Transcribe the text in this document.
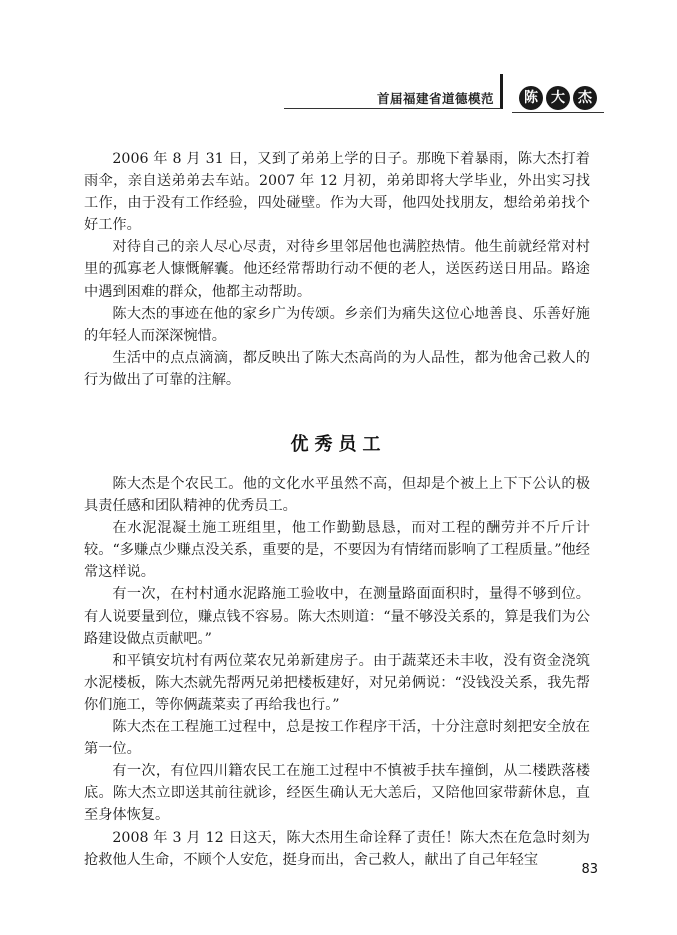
首届福建省道德模范	陈 大 杰

2006 年 8 月 31 日，又到了弟弟上学的日子。那晚下着暴雨，陈大杰打着雨伞，亲自送弟弟去车站。2007 年 12 月初，弟弟即将大学毕业，外出实习找工作，由于没有工作经验，四处碰壁。作为大哥，他四处找朋友，想给弟弟找个好工作。

对待自己的亲人尽心尽责，对待乡里邻居他也满腔热情。他生前就经常对村里的孤寡老人慷慨解囊。他还经常帮助行动不便的老人，送医药送日用品。路途中遇到困难的群众，他都主动帮助。

陈大杰的事迹在他的家乡广为传颂。乡亲们为痛失这位心地善良、乐善好施的年轻人而深深惋惜。

生活中的点点滴滴，都反映出了陈大杰高尚的为人品性，都为他舍己救人的行为做出了可靠的注解。

优秀员工

陈大杰是个农民工。他的文化水平虽然不高，但却是个被上上下下公认的极具责任感和团队精神的优秀员工。

在水泥混凝土施工班组里，他工作勤勤恳恳，而对工程的酬劳并不斤斤计较。“多赚点少赚点没关系，重要的是，不要因为有情绪而影响了工程质量。”他经常这样说。

有一次，在村村通水泥路施工验收中，在测量路面面积时，量得不够到位。有人说要量到位，赚点钱不容易。陈大杰则道：“量不够没关系的，算是我们为公路建设做点贡献吧。”

和平镇安坑村有两位菜农兄弟新建房子。由于蔬菜还未丰收，没有资金浇筑水泥楼板，陈大杰就先帮两兄弟把楼板建好，对兄弟俩说：“没钱没关系，我先帮你们施工，等你俩蔬菜卖了再给我也行。”

陈大杰在工程施工过程中，总是按工作程序干活，十分注意时刻把安全放在第一位。

有一次，有位四川籍农民工在施工过程中不慎被手扶车撞倒，从二楼跌落楼底。陈大杰立即送其前往就诊，经医生确认无大恙后，又陪他回家带薪休息，直至身体恢复。

2008 年 3 月 12 日这天，陈大杰用生命诠释了责任！陈大杰在危急时刻为抢救他人生命，不顾个人安危，挺身而出，舍己救人，献出了自己年轻宝

83
